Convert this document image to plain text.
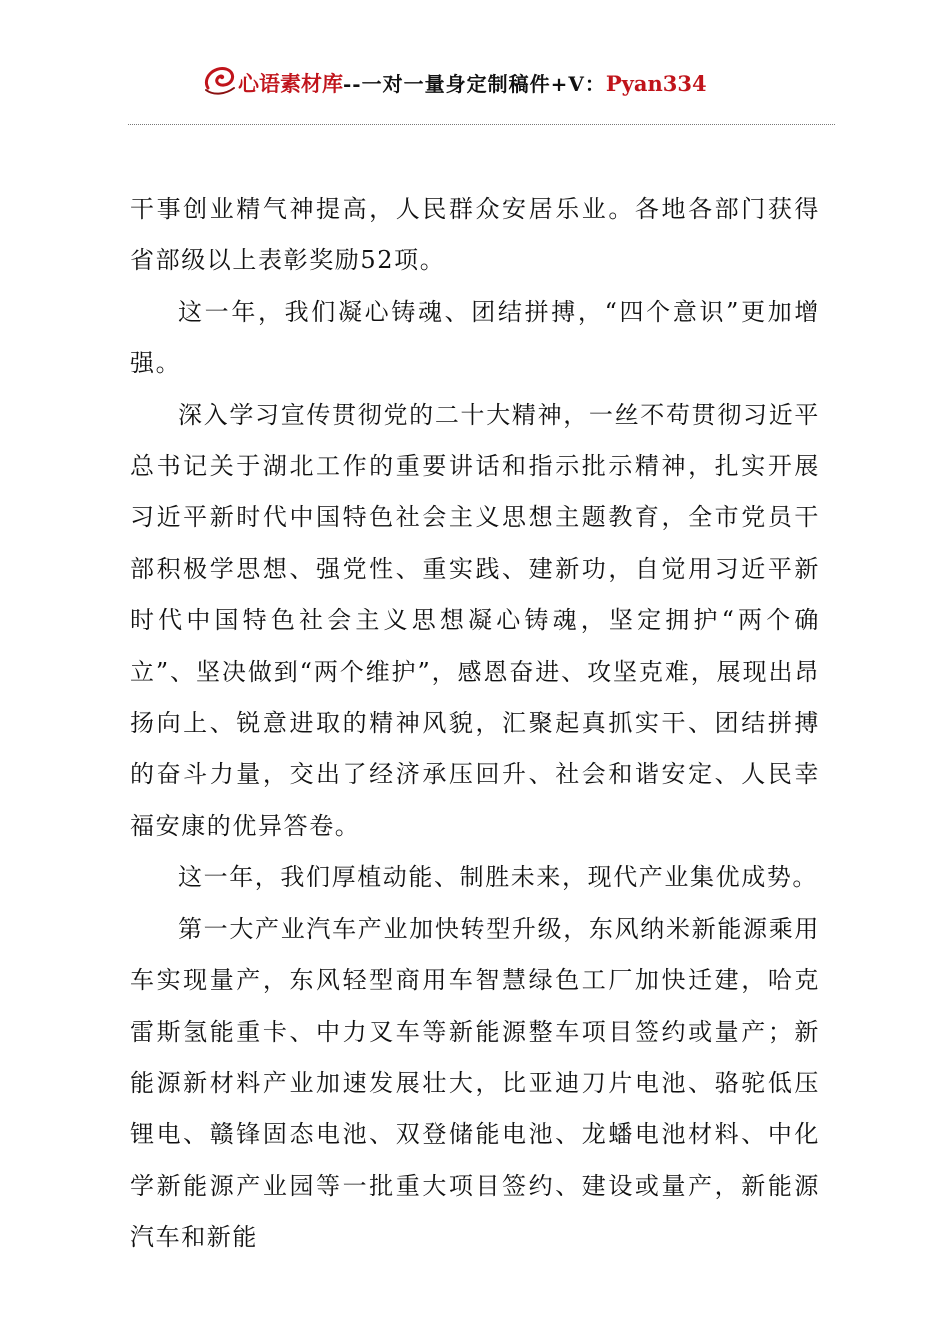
心语素材库--一对一量身定制稿件+V：Pyan334

干事创业精气神提高，人民群众安居乐业。各地各部门获得省部级以上表彰奖励52项。

这一年，我们凝心铸魂、团结拼搏，“四个意识”更加增强。

深入学习宣传贯彻党的二十大精神，一丝不苟贯彻习近平总书记关于湖北工作的重要讲话和指示批示精神，扎实开展习近平新时代中国特色社会主义思想主题教育，全市党员干部积极学思想、强党性、重实践、建新功，自觉用习近平新时代中国特色社会主义思想凝心铸魂，坚定拥护“两个确立”、坚决做到“两个维护”，感恩奋进、攻坚克难，展现出昂扬向上、锐意进取的精神风貌，汇聚起真抓实干、团结拼搏的奋斗力量，交出了经济承压回升、社会和谐安定、人民幸福安康的优异答卷。

这一年，我们厚植动能、制胜未来，现代产业集优成势。

第一大产业汽车产业加快转型升级，东风纳米新能源乘用车实现量产，东风轻型商用车智慧绿色工厂加快迁建，哈克雷斯氢能重卡、中力叉车等新能源整车项目签约或量产；新能源新材料产业加速发展壮大，比亚迪刀片电池、骆驼低压锂电、赣锋固态电池、双登储能电池、龙蟠电池材料、中化学新能源产业园等一批重大项目签约、建设或量产，新能源汽车和新能
